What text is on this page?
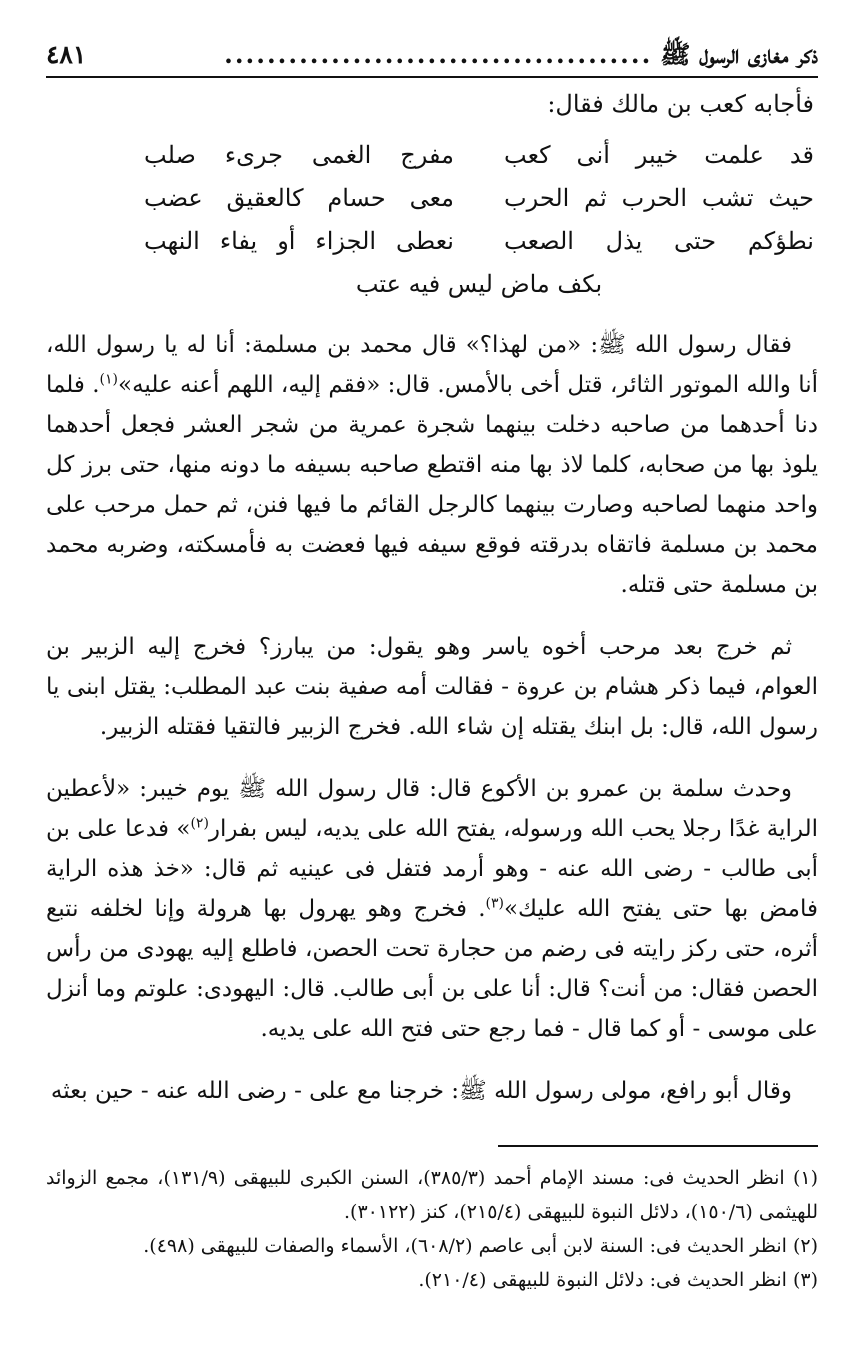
ذكر مغازى الرسول ﷺ
........................................
٤٨١
فأجابه كعب بن مالك فقال:
قد علمت خيبر أنى كعب
مفرج الغمى جرىء صلب
حيث تشب الحرب ثم الحرب
معى حسام كالعقيق عضب
نطؤكم حتى يذل الصعب
نعطى الجزاء أو يفاء النهب
بكف ماض ليس فيه عتب

فقال رسول الله ﷺ: «من لهذا؟» قال محمد بن مسلمة: أنا له يا رسول الله، أنا والله الموتور الثائر، قتل أخى بالأمس. قال: «فقم إليه، اللهم أعنه عليه»$^{(١)}$. فلما دنا أحدهما من صاحبه دخلت بينهما شجرة عمرية من شجر العشر فجعل أحدهما يلوذ بها من صحابه، كلما لاذ بها منه اقتطع صاحبه بسيفه ما دونه منها، حتى برز كل واحد منهما لصاحبه وصارت بينهما كالرجل القائم ما فيها فنن، ثم حمل مرحب على محمد بن مسلمة فاتقاه بدرقته فوقع سيفه فيها فعضت به فأمسكته، وضربه محمد بن مسلمة حتى قتله.

ثم خرج بعد مرحب أخوه ياسر وهو يقول: من يبارز؟ فخرج إليه الزبير بن العوام، فيما ذكر هشام بن عروة - فقالت أمه صفية بنت عبد المطلب: يقتل ابنى يا رسول الله، قال: بل ابنك يقتله إن شاء الله. فخرج الزبير فالتقيا فقتله الزبير.

وحدث سلمة بن عمرو بن الأكوع قال: قال رسول الله ﷺ يوم خيبر: «لأعطين الراية غدًا رجلا يحب الله ورسوله، يفتح الله على يديه، ليس بفرار$^{(٢)}$» فدعا على بن أبى طالب - رضى الله عنه - وهو أرمد فتفل فى عينيه ثم قال: «خذ هذه الراية فامض بها حتى يفتح الله عليك»$^{(٣)}$. فخرج وهو يهرول بها هرولة وإنا لخلفه نتبع أثره، حتى ركز رايته فى رضم من حجارة تحت الحصن، فاطلع إليه يهودى من رأس الحصن فقال: من أنت؟ قال: أنا على بن أبى طالب. قال: اليهودى: علوتم وما أنزل على موسى - أو كما قال - فما رجع حتى فتح الله على يديه.

وقال أبو رافع، مولى رسول الله ﷺ: خرجنا مع على - رضى الله عنه - حين بعثه

(١) انظر الحديث فى: مسند الإمام أحمد (٣٨٥/٣)، السنن الكبرى للبيهقى (١٣١/٩)، مجمع الزوائد للهيثمى (١٥٠/٦)، دلائل النبوة للبيهقى (٢١٥/٤)، كنز (٣٠١٢٢).
(٢) انظر الحديث فى: السنة لابن أبى عاصم (٦٠٨/٢)، الأسماء والصفات للبيهقى (٤٩٨).
(٣) انظر الحديث فى: دلائل النبوة للبيهقى (٢١٠/٤).
